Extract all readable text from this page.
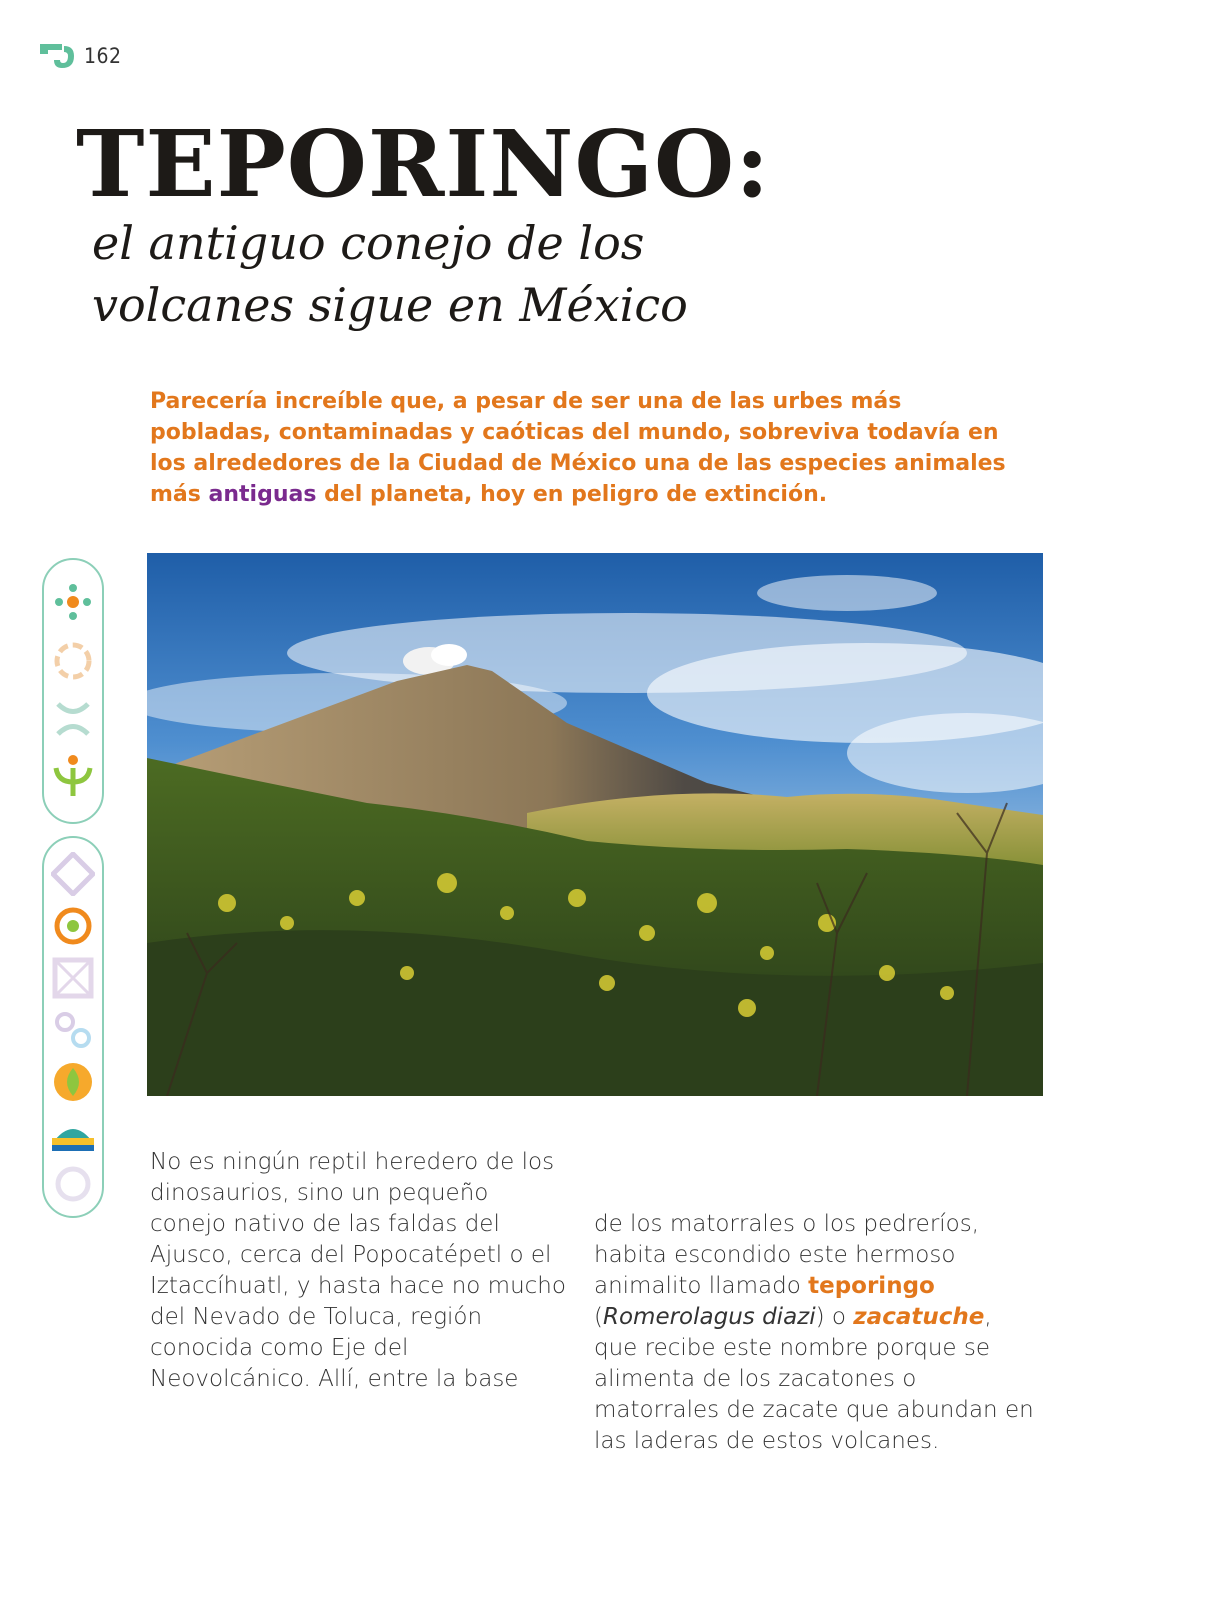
162
TEPORINGO:
el antiguo conejo de los volcanes sigue en México

Parecería increíble que, a pesar de ser una de las urbes más pobladas, contaminadas y caóticas del mundo, sobreviva todavía en los alrededores de la Ciudad de México una de las especies animales más antiguas del planeta, hoy en peligro de extinción.

No es ningún reptil heredero de los dinosaurios, sino un pequeño conejo nativo de las faldas del Ajusco, cerca del Popocatépetl o el Iztaccíhuatl, y hasta hace no mucho del Nevado de Toluca, región conocida como Eje del Neovolcánico. Allí, entre la base

de los matorrales o los pedreríos, habita escondido este hermoso animalito llamado teporingo (Romerolagus diazi) o zacatuche, que recibe este nombre porque se alimenta de los zacatones o matorrales de zacate que abundan en las laderas de estos volcanes.
